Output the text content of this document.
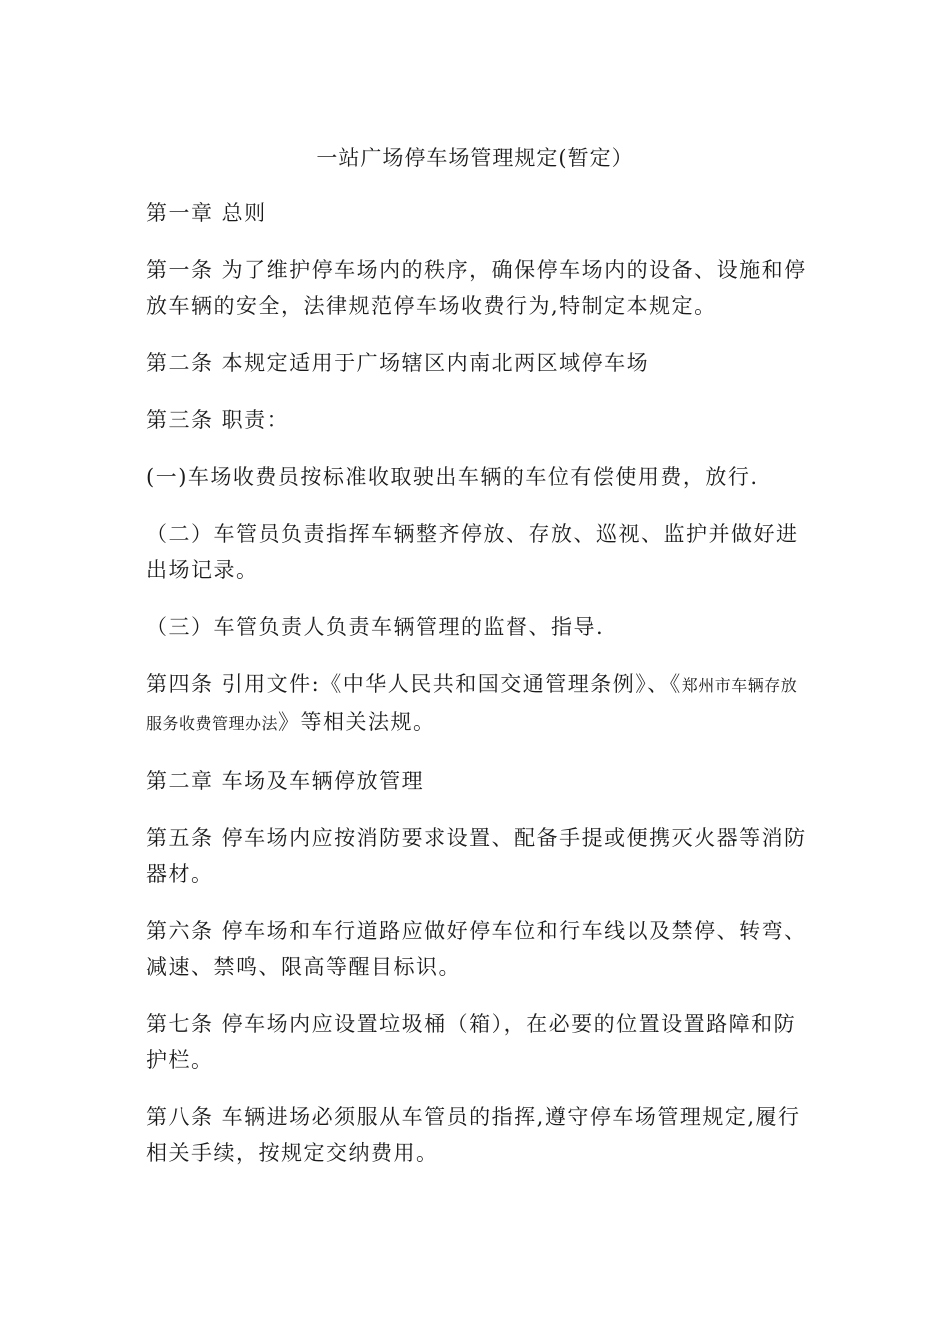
一站广场停车场管理规定(暂定）

第一章 总则

第一条 为了维护停车场内的秩序，确保停车场内的设备、设施和停放车辆的安全，法律规范停车场收费行为,特制定本规定。

第二条 本规定适用于广场辖区内南北两区域停车场

第三条 职责：

(一)车场收费员按标准收取驶出车辆的车位有偿使用费，放行.

（二）车管员负责指挥车辆整齐停放、存放、巡视、监护并做好进出场记录。

（三）车管负责人负责车辆管理的监督、指导.

第四条 引用文件:《中华人民共和国交通管理条例》、《郑州市车辆存放服务收费管理办法》等相关法规。

第二章 车场及车辆停放管理

第五条 停车场内应按消防要求设置、配备手提或便携灭火器等消防器材。

第六条 停车场和车行道路应做好停车位和行车线以及禁停、转弯、减速、禁鸣、限高等醒目标识。

第七条 停车场内应设置垃圾桶（箱），在必要的位置设置路障和防护栏。

第八条 车辆进场必须服从车管员的指挥,遵守停车场管理规定,履行相关手续，按规定交纳费用。
